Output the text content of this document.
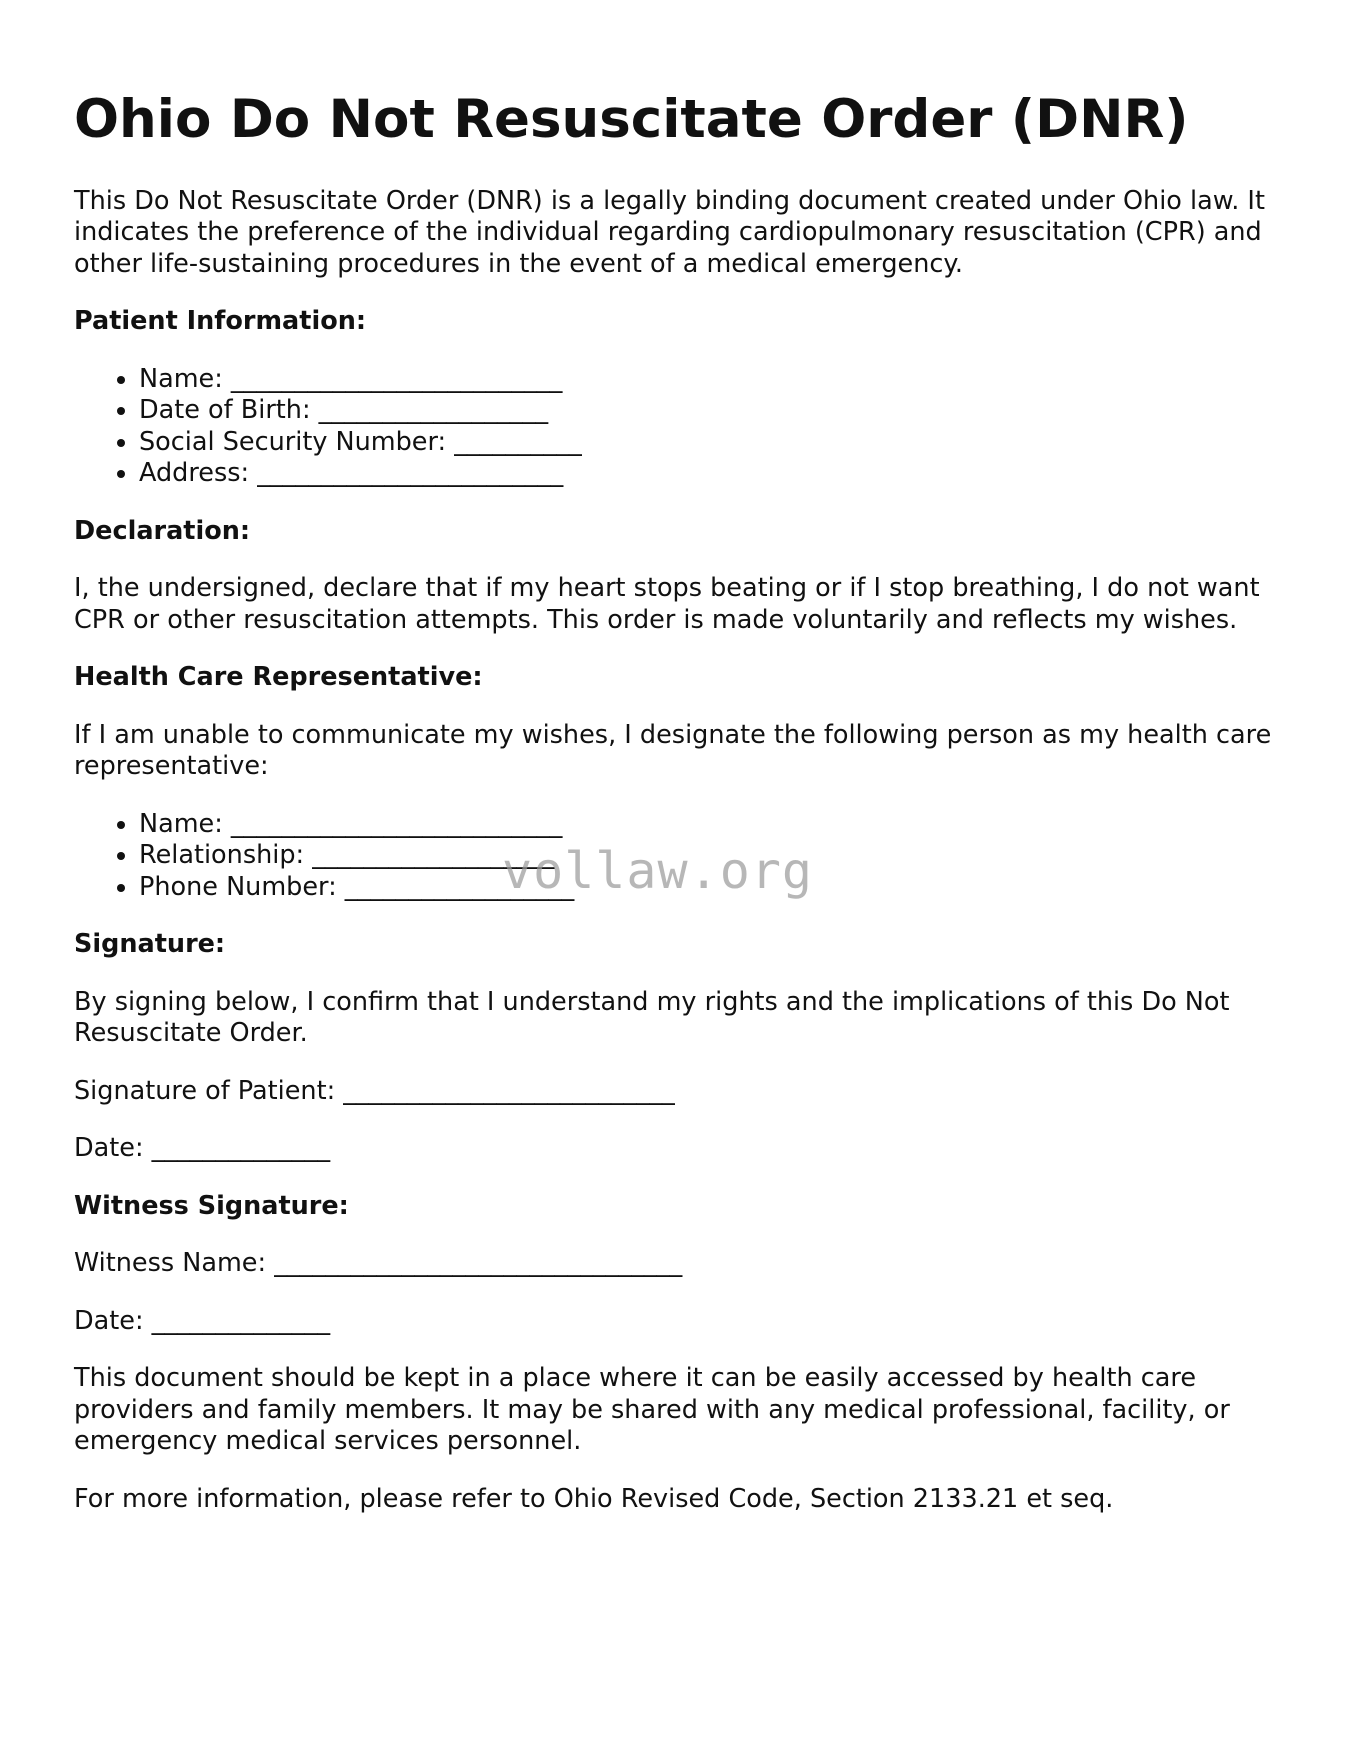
Ohio Do Not Resuscitate Order (DNR)

This Do Not Resuscitate Order (DNR) is a legally binding document created under Ohio law. It indicates the preference of the individual regarding cardiopulmonary resuscitation (CPR) and other life-sustaining procedures in the event of a medical emergency.

Patient Information:
• Name: __________________________
• Date of Birth: __________________
• Social Security Number: __________
• Address: ________________________
Declaration:

I, the undersigned, declare that if my heart stops beating or if I stop breathing, I do not want CPR or other resuscitation attempts. This order is made voluntarily and reflects my wishes.

Health Care Representative:

If I am unable to communicate my wishes, I designate the following person as my health care representative:

• Name: __________________________
• Relationship: ___________________
• Phone Number: __________________
Signature:

By signing below, I confirm that I understand my rights and the implications of this Do Not Resuscitate Order.

Signature of Patient: __________________________

Date: ______________

Witness Signature:

Witness Name: ________________________________

Date: ______________

This document should be kept in a place where it can be easily accessed by health care providers and family members. It may be shared with any medical professional, facility, or emergency medical services personnel.

For more information, please refer to Ohio Revised Code, Section 2133.21 et seq.

vollaw.org
